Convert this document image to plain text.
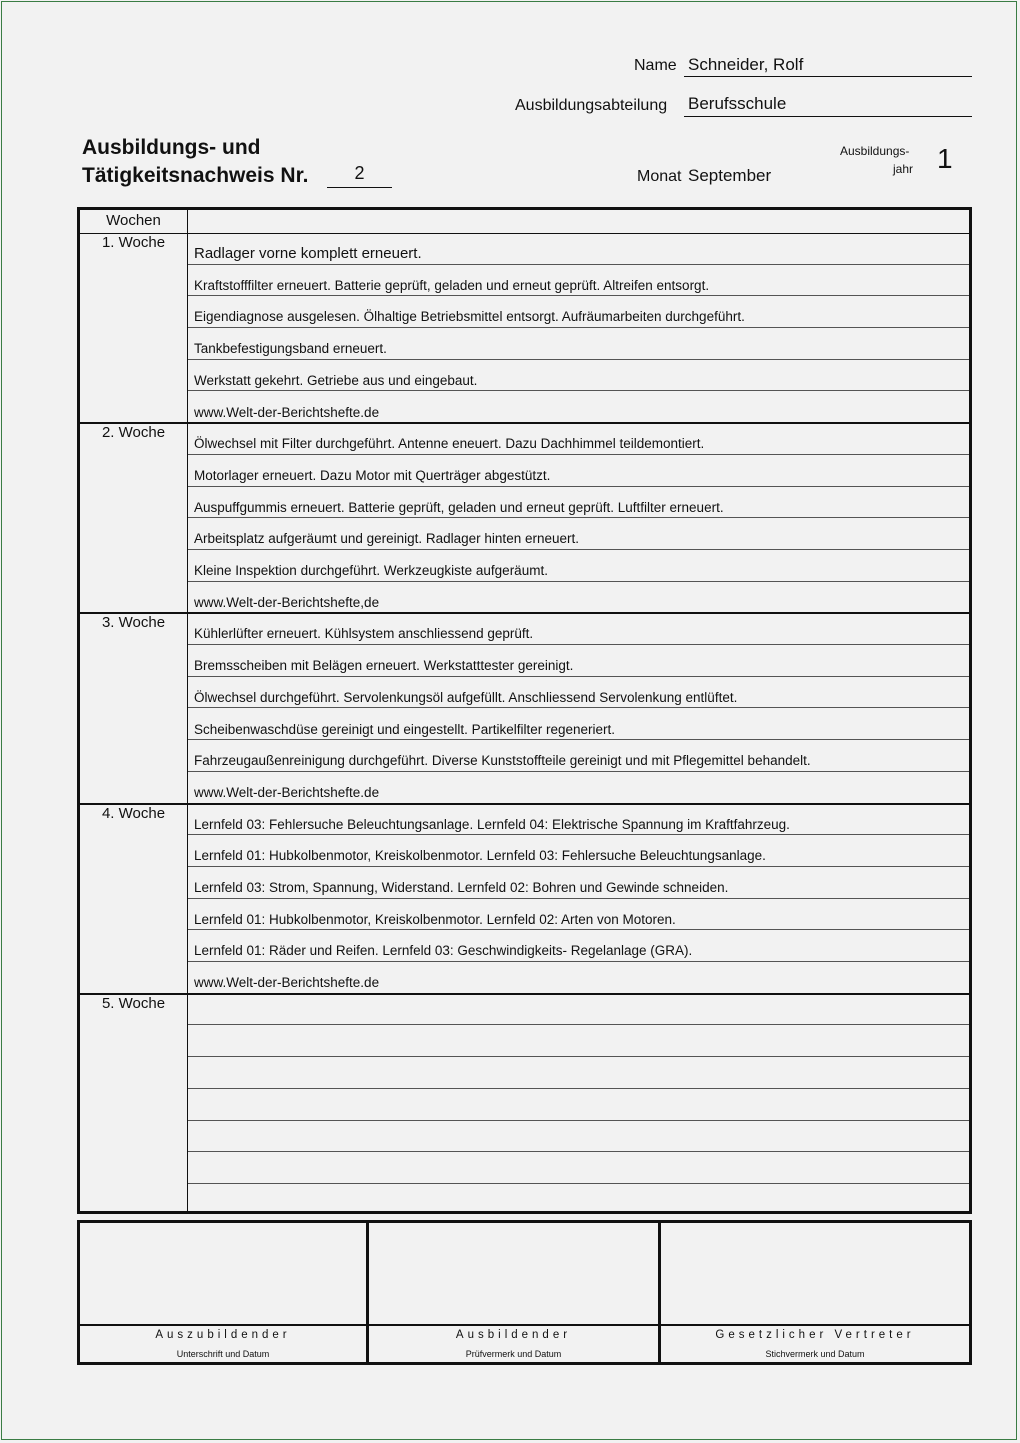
Name Schneider, Rolf
Ausbildungsabteilung Berufsschule
Ausbildungs- und
Tätigkeitsnachweis Nr.	2	Monat September
Ausbildungs-
jahr 1
Wochen
1. Woche
Radlager vorne komplett erneuert.
Kraftstofffilter erneuert. Batterie geprüft, geladen und erneut geprüft. Altreifen entsorgt.
Eigendiagnose ausgelesen. Ölhaltige Betriebsmittel entsorgt. Aufräumarbeiten durchgeführt.
Tankbefestigungsband erneuert.
Werkstatt gekehrt. Getriebe aus und eingebaut.
www.Welt-der-Berichtshefte.de
2. Woche
Ölwechsel mit Filter durchgeführt. Antenne eneuert. Dazu Dachhimmel teildemontiert.
Motorlager erneuert. Dazu Motor mit Querträger abgestützt.
Auspuffgummis erneuert. Batterie geprüft, geladen und erneut geprüft. Luftfilter erneuert.
Arbeitsplatz aufgeräumt und gereinigt. Radlager hinten erneuert.
Kleine Inspektion durchgeführt. Werkzeugkiste aufgeräumt.
www.Welt-der-Berichtshefte,de
3. Woche
Kühlerlüfter erneuert. Kühlsystem anschliessend geprüft.
Bremsscheiben mit Belägen erneuert. Werkstatttester gereinigt.
Ölwechsel durchgeführt. Servolenkungsöl aufgefüllt. Anschliessend Servolenkung entlüftet.
Scheibenwaschdüse gereinigt und eingestellt. Partikelfilter regeneriert.
Fahrzeugaußenreinigung durchgeführt. Diverse Kunststoffteile gereinigt und mit Pflegemittel behandelt.
www.Welt-der-Berichtshefte.de
4. Woche
Lernfeld 03: Fehlersuche Beleuchtungsanlage. Lernfeld 04: Elektrische Spannung im Kraftfahrzeug.
Lernfeld 01: Hubkolbenmotor, Kreiskolbenmotor. Lernfeld 03: Fehlersuche Beleuchtungsanlage.
Lernfeld 03: Strom, Spannung, Widerstand. Lernfeld 02: Bohren und Gewinde schneiden.
Lernfeld 01: Hubkolbenmotor, Kreiskolbenmotor. Lernfeld 02: Arten von Motoren.
Lernfeld 01: Räder und Reifen. Lernfeld 03: Geschwindigkeits- Regelanlage (GRA).
www.Welt-der-Berichtshefte.de
5. Woche
Auszubildender
Unterschrift und Datum
Ausbildender
Prüfvermerk und Datum
Gesetzlicher Vertreter
Stichvermerk und Datum
